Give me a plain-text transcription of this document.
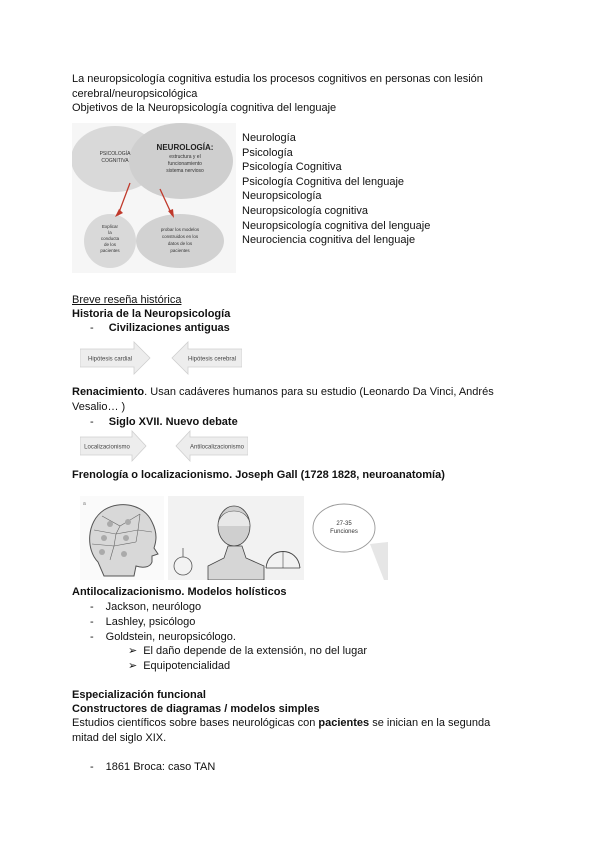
La neuropsicología cognitiva estudia los procesos cognitivos en personas con lesión
cerebral/neuropsicológica
Objetivos de la Neuropsicología cognitiva del lenguaje
PSICOLOGÍA
COGNITIVA
NEUROLOGÍA:
estructura y el
funcionamiento
sistema nervioso
Explicar
la
conducta
de los
pacientes
probar los modelos
construidos en los
datos de los
pacientes
Neurología
Psicología
Psicología Cognitiva
Psicología Cognitiva del lenguaje
Neuropsicología
Neuropsicología cognitiva
Neuropsicología cognitiva del lenguaje
Neurociencia cognitiva del lenguaje
Breve reseña histórica
Historia de la Neuropsicología
- Civilizaciones antiguas
Hipótesis cardial	Hipótesis cerebral
Renacimiento. Usan cadáveres humanos para su estudio (Leonardo Da Vinci, Andrés
Vesalio… )
- Siglo XVII. Nuevo debate
Localizacionismo	Antilocalizacionismo
Frenología o localizacionismo. Joseph Gall (1728 1828, neuroanatomía)
a
27-35
Funciones
Antilocalizacionismo. Modelos holísticos
- Jackson, neurólogo
- Lashley, psicólogo
- Goldstein, neuropsicólogo.
➢ El daño depende de la extensión, no del lugar
➢ Equipotencialidad
Especialización funcional
Constructores de diagramas / modelos simples
Estudios científicos sobre bases neurológicas con pacientes se inician en la segunda
mitad del siglo XIX.
- 1861 Broca: caso TAN
